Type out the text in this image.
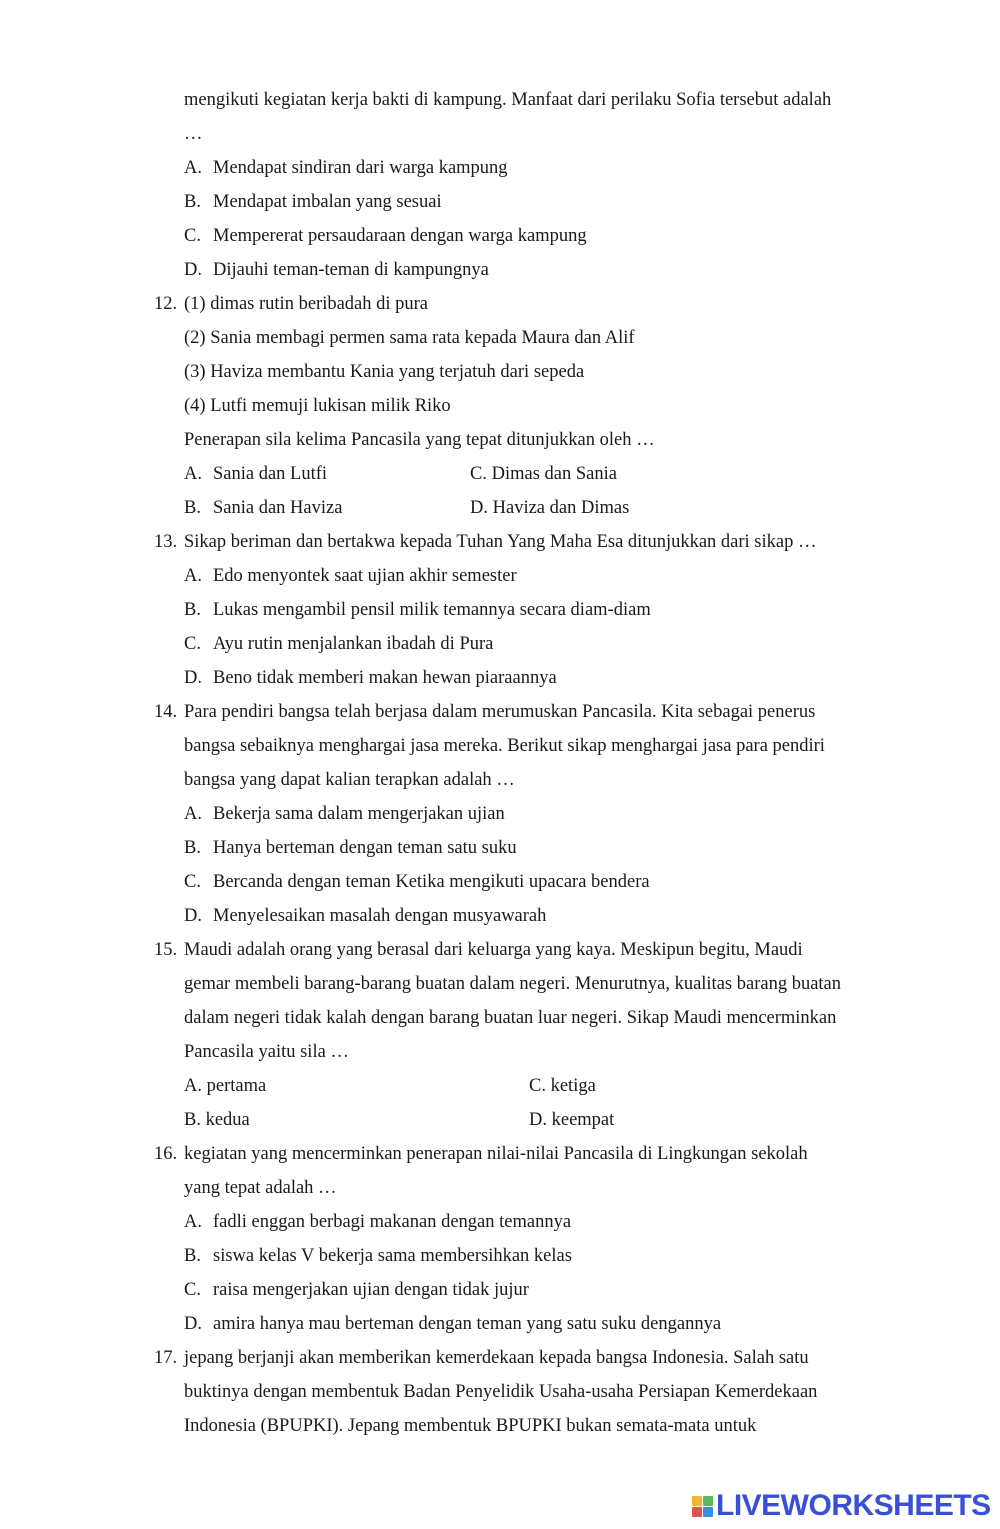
mengikuti kegiatan kerja bakti di kampung. Manfaat dari perilaku Sofia tersebut adalah
…
A. Mendapat sindiran dari warga kampung
B. Mendapat imbalan yang sesuai
C. Mempererat persaudaraan dengan warga kampung
D. Dijauhi teman-teman di kampungnya
12. (1) dimas rutin beribadah di pura
(2) Sania membagi permen sama rata kepada Maura dan Alif
(3) Haviza membantu Kania yang terjatuh dari sepeda
(4) Lutfi memuji lukisan milik Riko
Penerapan sila kelima Pancasila yang tepat ditunjukkan oleh …
A. Sania dan Lutfi	C. Dimas dan Sania
B. Sania dan Haviza	D. Haviza dan Dimas
13. Sikap beriman dan bertakwa kepada Tuhan Yang Maha Esa ditunjukkan dari sikap …
A. Edo menyontek saat ujian akhir semester
B. Lukas mengambil pensil milik temannya secara diam-diam
C. Ayu rutin menjalankan ibadah di Pura
D. Beno tidak memberi makan hewan piaraannya
14. Para pendiri bangsa telah berjasa dalam merumuskan Pancasila. Kita sebagai penerus
bangsa sebaiknya menghargai jasa mereka. Berikut sikap menghargai jasa para pendiri
bangsa yang dapat kalian terapkan adalah …
A. Bekerja sama dalam mengerjakan ujian
B. Hanya berteman dengan teman satu suku
C. Bercanda dengan teman Ketika mengikuti upacara bendera
D. Menyelesaikan masalah dengan musyawarah
15. Maudi adalah orang yang berasal dari keluarga yang kaya. Meskipun begitu, Maudi
gemar membeli barang-barang buatan dalam negeri. Menurutnya, kualitas barang buatan
dalam negeri tidak kalah dengan barang buatan luar negeri. Sikap Maudi mencerminkan
Pancasila yaitu sila …
A. pertama	C. ketiga
B. kedua	D. keempat
16. kegiatan yang mencerminkan penerapan nilai-nilai Pancasila di Lingkungan sekolah
yang tepat adalah …
A. fadli enggan berbagi makanan dengan temannya
B. siswa kelas V bekerja sama membersihkan kelas
C. raisa mengerjakan ujian dengan tidak jujur
D. amira hanya mau berteman dengan teman yang satu suku dengannya
17. jepang berjanji akan memberikan kemerdekaan kepada bangsa Indonesia. Salah satu
buktinya dengan membentuk Badan Penyelidik Usaha-usaha Persiapan Kemerdekaan
Indonesia (BPUPKI). Jepang membentuk BPUPKI bukan semata-mata untuk
LIVEWORKSHEETS
